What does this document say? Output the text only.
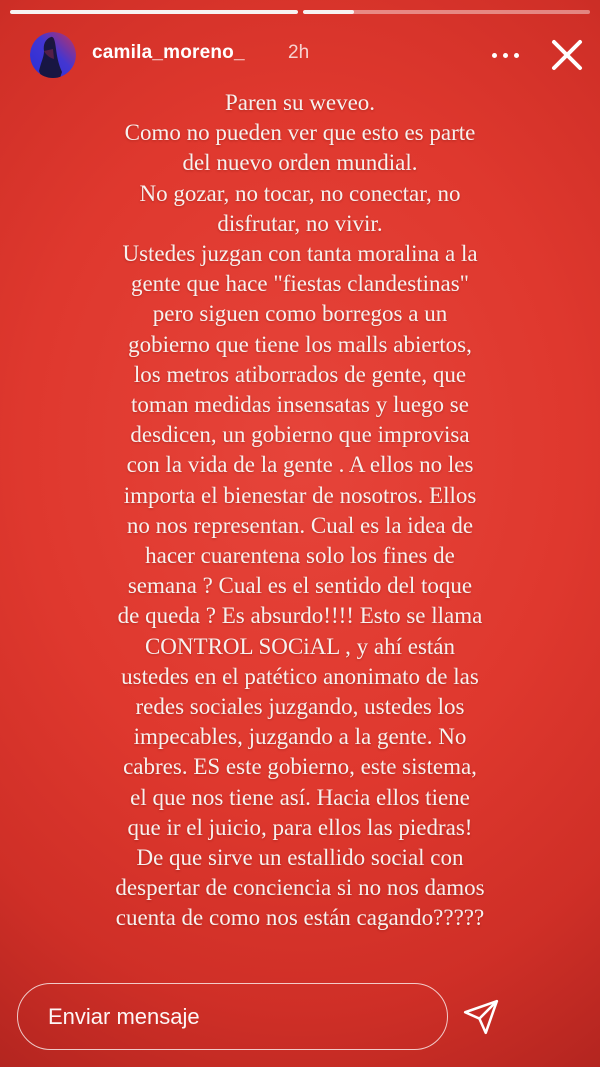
camila_moreno_ 2h
Paren su weveo.
Como no pueden ver que esto es parte
del nuevo orden mundial.
No gozar, no tocar, no conectar, no
disfrutar, no vivir.
Ustedes juzgan con tanta moralina a la
gente que hace "fiestas clandestinas"
pero siguen como borregos a un
gobierno que tiene los malls abiertos,
los metros atiborrados de gente, que
toman medidas insensatas y luego se
desdicen, un gobierno que improvisa
con la vida de la gente . A ellos no les
importa el bienestar de nosotros. Ellos
no nos representan. Cual es la idea de
hacer cuarentena solo los fines de
semana ? Cual es el sentido del toque
de queda ? Es absurdo!!!! Esto se llama
CONTROL SOCiAL , y ahí están
ustedes en el patético anonimato de las
redes sociales juzgando, ustedes los
impecables, juzgando a la gente. No
cabres. ES este gobierno, este sistema,
el que nos tiene así. Hacia ellos tiene
que ir el juicio, para ellos las piedras!
De que sirve un estallido social con
despertar de conciencia si no nos damos
cuenta de como nos están cagando?????
Enviar mensaje
